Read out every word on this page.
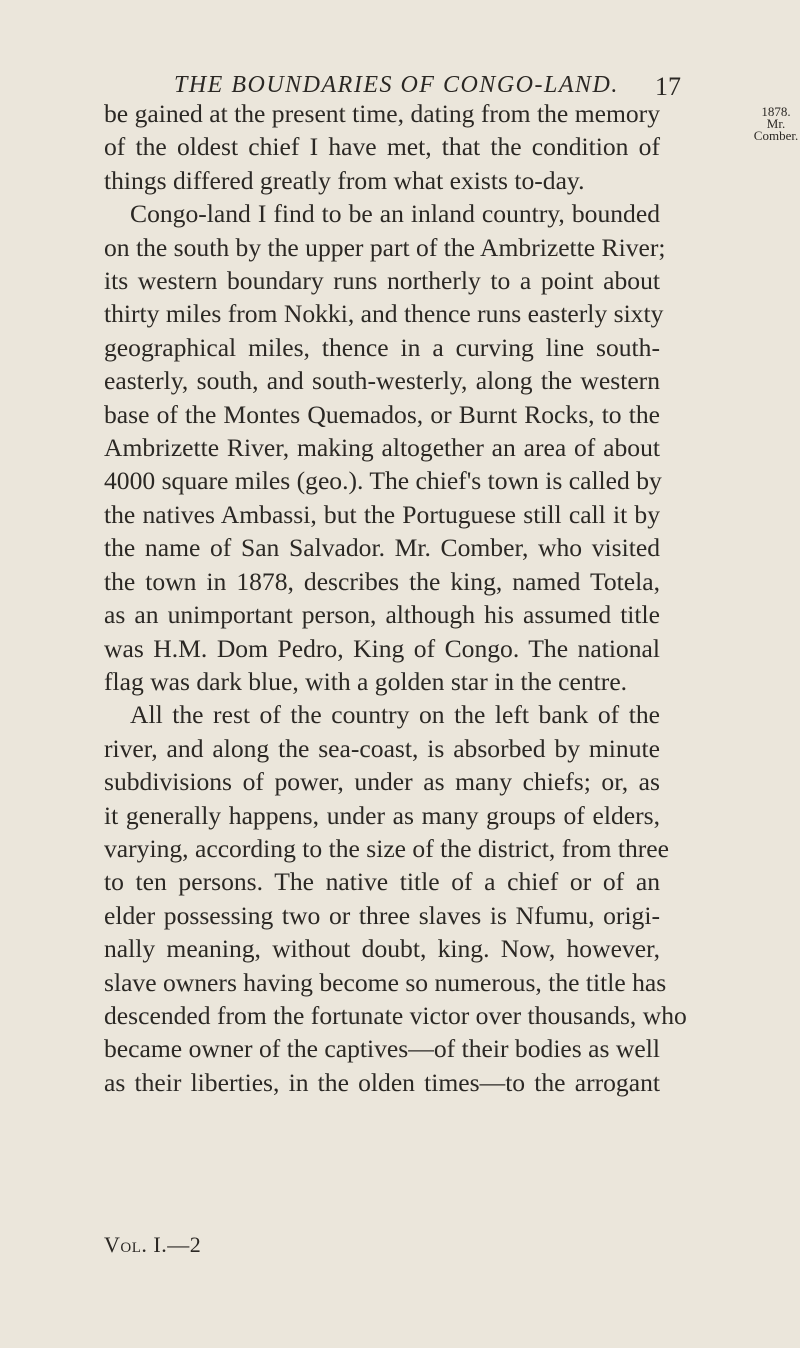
THE BOUNDARIES OF CONGO-LAND. 17
1878.
Mr.
Comber.
be gained at the present time, dating from the memory
of the oldest chief I have met, that the condition of
things differed greatly from what exists to-day.
Congo-land I find to be an inland country, bounded
on the south by the upper part of the Ambrizette River;
its western boundary runs northerly to a point about
thirty miles from Nokki, and thence runs easterly sixty
geographical miles, thence in a curving line south-
easterly, south, and south-westerly, along the western
base of the Montes Quemados, or Burnt Rocks, to the
Ambrizette River, making altogether an area of about
4000 square miles (geo.). The chief's town is called by
the natives Ambassi, but the Portuguese still call it by
the name of San Salvador. Mr. Comber, who visited
the town in 1878, describes the king, named Totela,
as an unimportant person, although his assumed title
was H.M. Dom Pedro, King of Congo. The national
flag was dark blue, with a golden star in the centre.
All the rest of the country on the left bank of the
river, and along the sea-coast, is absorbed by minute
subdivisions of power, under as many chiefs; or, as
it generally happens, under as many groups of elders,
varying, according to the size of the district, from three
to ten persons. The native title of a chief or of an
elder possessing two or three slaves is Nfumu, origi-
nally meaning, without doubt, king. Now, however,
slave owners having become so numerous, the title has
descended from the fortunate victor over thousands, who
became owner of the captives—of their bodies as well
as their liberties, in the olden times—to the arrogant
Vol. I.—2
